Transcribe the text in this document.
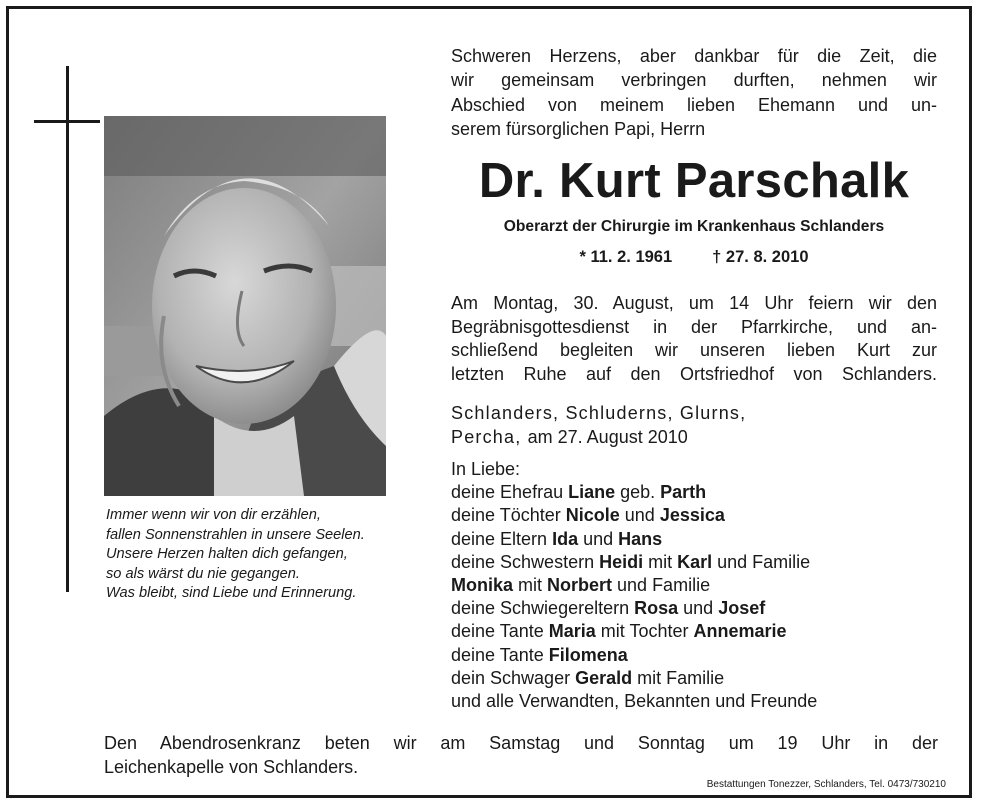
Immer wenn wir von dir erzählen,
fallen Sonnenstrahlen in unsere Seelen.
Unsere Herzen halten dich gefangen,
so als wärst du nie gegangen.
Was bleibt, sind Liebe und Erinnerung.
Schweren Herzens, aber dankbar für die Zeit, die
wir gemeinsam verbringen durften, nehmen wir
Abschied von meinem lieben Ehemann und un-
serem fürsorglichen Papi, Herrn
Dr. Kurt Parschalk
Oberarzt der Chirurgie im Krankenhaus Schlanders
* 11. 2. 1961 † 27. 8. 2010
Am Montag, 30. August, um 14 Uhr feiern wir den
Begräbnisgottesdienst in der Pfarrkirche, und an-
schließend begleiten wir unseren lieben Kurt zur
letzten Ruhe auf den Ortsfriedhof von Schlanders.
Schlanders, Schluderns, Glurns,
Percha, am 27. August 2010
In Liebe:
deine Ehefrau Liane geb. Parth
deine Töchter Nicole und Jessica
deine Eltern Ida und Hans
deine Schwestern Heidi mit Karl und Familie
Monika mit Norbert und Familie
deine Schwiegereltern Rosa und Josef
deine Tante Maria mit Tochter Annemarie
deine Tante Filomena
dein Schwager Gerald mit Familie
und alle Verwandten, Bekannten und Freunde
Den Abendrosenkranz beten wir am Samstag und Sonntag um 19 Uhr in der
Leichenkapelle von Schlanders.
Bestattungen Tonezzer, Schlanders, Tel. 0473/730210
